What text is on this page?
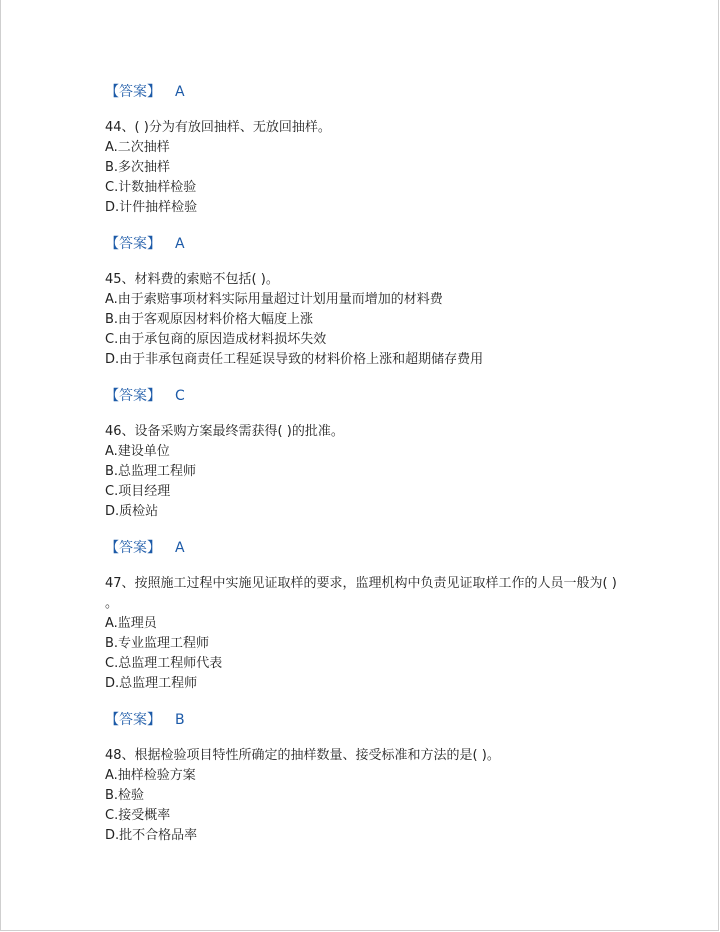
【答案】 A
44、( )分为有放回抽样、无放回抽样。
A.二次抽样
B.多次抽样
C.计数抽样检验
D.计件抽样检验
【答案】 A
45、材料费的索赔不包括( )。
A.由于索赔事项材料实际用量超过计划用量而增加的材料费
B.由于客观原因材料价格大幅度上涨
C.由于承包商的原因造成材料损坏失效
D.由于非承包商责任工程延误导致的材料价格上涨和超期储存费用
【答案】 C
46、设备采购方案最终需获得( )的批准。
A.建设单位
B.总监理工程师
C.项目经理
D.质检站
【答案】 A
47、按照施工过程中实施见证取样的要求，监理机构中负责见证取样工作的人员一般为( )
。
A.监理员
B.专业监理工程师
C.总监理工程师代表
D.总监理工程师
【答案】 B
48、根据检验项目特性所确定的抽样数量、接受标准和方法的是( )。
A.抽样检验方案
B.检验
C.接受概率
D.批不合格品率
